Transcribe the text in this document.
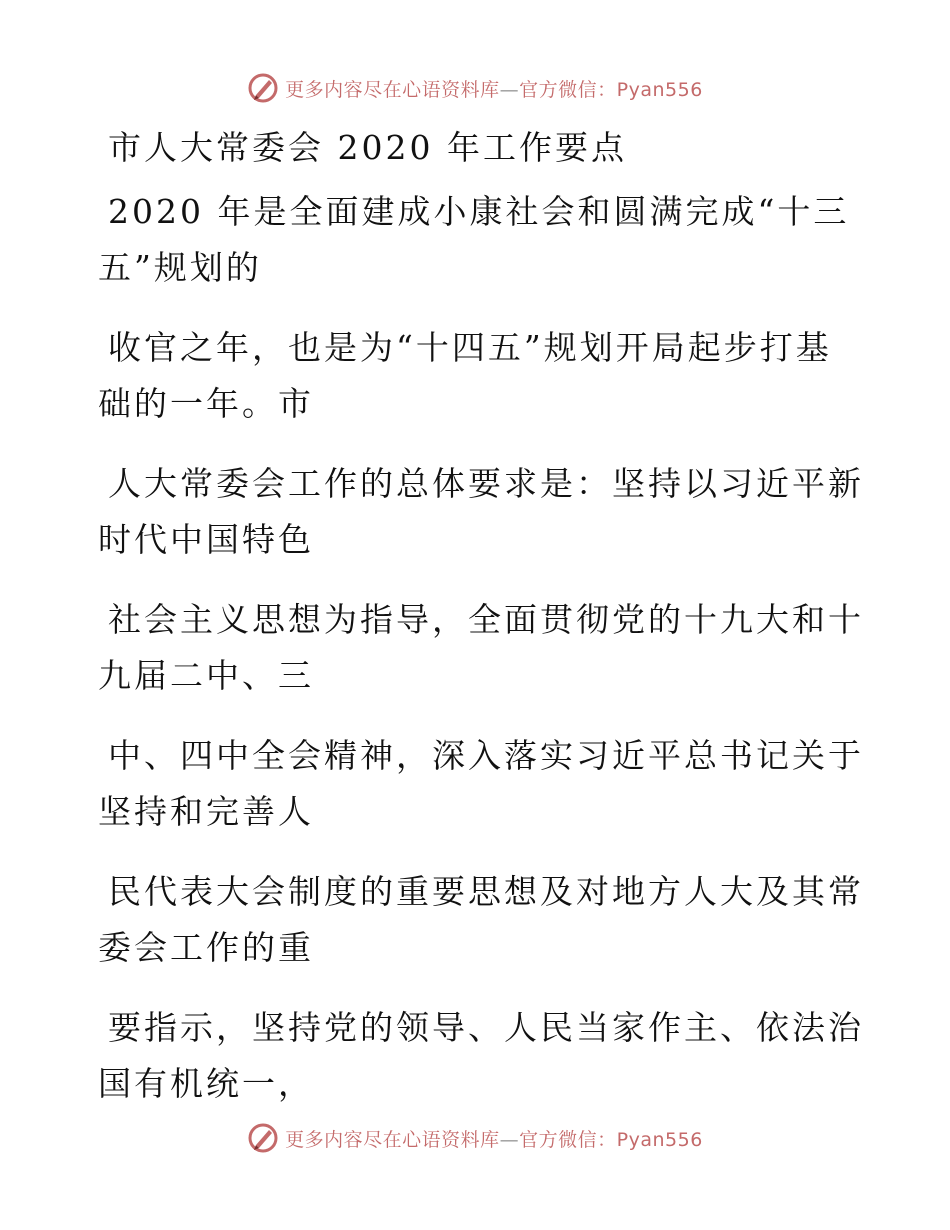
更多内容尽在心语资料库—官方微信：Pyan556
市人大常委会 2020 年工作要点

2020 年是全面建成小康社会和圆满完成“十三
五”规划的

收官之年，也是为“十四五”规划开局起步打基
础的一年。市

人大常委会工作的总体要求是：坚持以习近平新
时代中国特色

社会主义思想为指导，全面贯彻党的十九大和十
九届二中、三

中、四中全会精神，深入落实习近平总书记关于
坚持和完善人

民代表大会制度的重要思想及对地方人大及其常
委会工作的重

要指示，坚持党的领导、人民当家作主、依法治
国有机统一，

更多内容尽在心语资料库—官方微信：Pyan556
